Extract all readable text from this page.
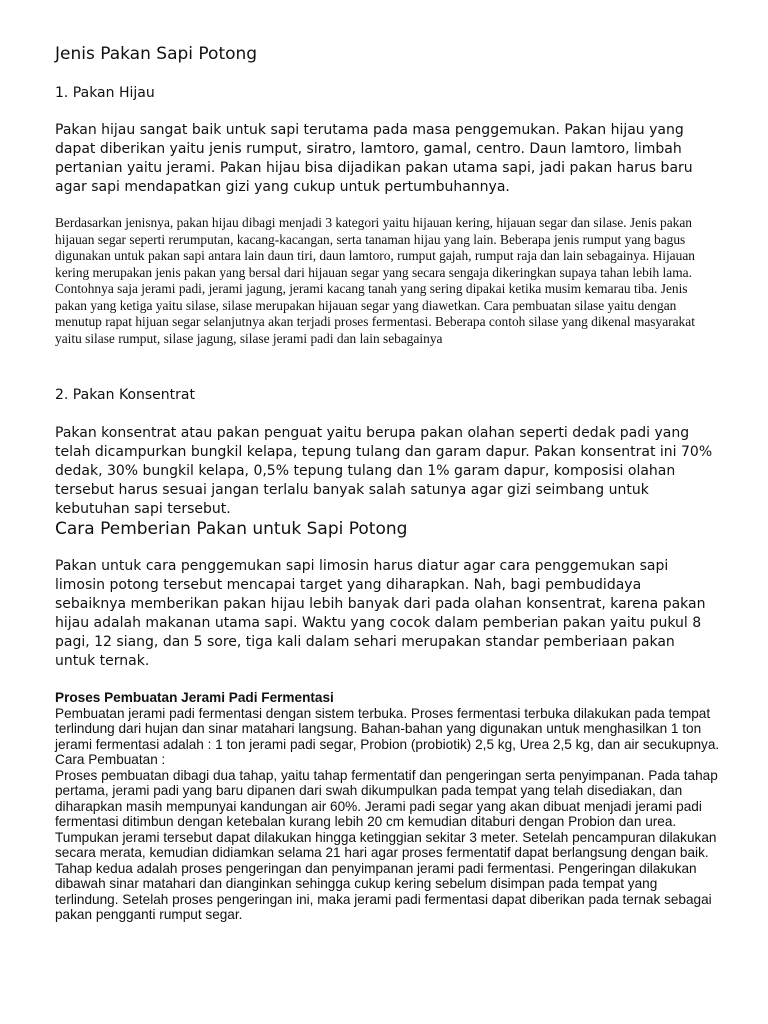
Jenis Pakan Sapi Potong
1. Pakan Hijau

Pakan hijau sangat baik untuk sapi terutama pada masa penggemukan. Pakan hijau yang dapat diberikan yaitu jenis rumput, siratro, lamtoro, gamal, centro. Daun lamtoro, limbah pertanian yaitu jerami. Pakan hijau bisa dijadikan pakan utama sapi, jadi pakan harus baru agar sapi mendapatkan gizi yang cukup untuk pertumbuhannya.

Berdasarkan jenisnya, pakan hijau dibagi menjadi 3 kategori yaitu hijauan kering, hijauan segar dan silase. Jenis pakan hijauan segar seperti rerumputan, kacang-kacangan, serta tanaman hijau yang lain. Beberapa jenis rumput yang bagus digunakan untuk pakan sapi antara lain daun tiri, daun lamtoro, rumput gajah, rumput raja dan lain sebagainya. Hijauan kering merupakan jenis pakan yang bersal dari hijauan segar yang secara sengaja dikeringkan supaya tahan lebih lama. Contohnya saja jerami padi, jerami jagung, jerami kacang tanah yang sering dipakai ketika musim kemarau tiba. Jenis pakan yang ketiga yaitu silase, silase merupakan hijauan segar yang diawetkan. Cara pembuatan silase yaitu dengan menutup rapat hijuan segar selanjutnya akan terjadi proses fermentasi. Beberapa contoh silase yang dikenal masyarakat yaitu silase rumput, silase jagung, silase jerami padi dan lain sebagainya

2. Pakan Konsentrat

Pakan konsentrat atau pakan penguat yaitu berupa pakan olahan seperti dedak padi yang telah dicampurkan bungkil kelapa, tepung tulang dan garam dapur. Pakan konsentrat ini 70% dedak, 30% bungkil kelapa, 0,5% tepung tulang dan 1% garam dapur, komposisi olahan tersebut harus sesuai jangan terlalu banyak salah satunya agar gizi seimbang untuk kebutuhan sapi tersebut.

Cara Pemberian Pakan untuk Sapi Potong

Pakan untuk cara penggemukan sapi limosin harus diatur agar cara penggemukan sapi limosin potong tersebut mencapai target yang diharapkan. Nah, bagi pembudidaya sebaiknya memberikan pakan hijau lebih banyak dari pada olahan konsentrat, karena pakan hijau adalah makanan utama sapi. Waktu yang cocok dalam pemberian pakan yaitu pukul 8 pagi, 12 siang, dan 5 sore, tiga kali dalam sehari merupakan standar pemberiaan pakan untuk ternak.

Proses Pembuatan Jerami Padi Fermentasi
Pembuatan jerami padi fermentasi dengan sistem terbuka. Proses fermentasi terbuka dilakukan pada tempat terlindung dari hujan dan sinar matahari langsung. Bahan-bahan yang digunakan untuk menghasilkan 1 ton jerami fermentasi adalah : 1 ton jerami padi segar, Probion (probiotik) 2,5 kg, Urea 2,5 kg, dan air secukupnya.
Cara Pembuatan :
Proses pembuatan dibagi dua tahap, yaitu tahap fermentatif dan pengeringan serta penyimpanan. Pada tahap pertama, jerami padi yang baru dipanen dari swah dikumpulkan pada tempat yang telah disediakan, dan diharapkan masih mempunyai kandungan air 60%. Jerami padi segar yang akan dibuat menjadi jerami padi fermentasi ditimbun dengan ketebalan kurang lebih 20 cm kemudian ditaburi dengan Probion dan urea. Tumpukan jerami tersebut dapat dilakukan hingga ketinggian sekitar 3 meter. Setelah pencampuran dilakukan secara merata, kemudian didiamkan selama 21 hari agar proses fermentatif dapat berlangsung dengan baik. Tahap kedua adalah proses pengeringan dan penyimpanan jerami padi fermentasi. Pengeringan dilakukan dibawah sinar matahari dan dianginkan sehingga cukup kering sebelum disimpan pada tempat yang terlindung. Setelah proses pengeringan ini, maka jerami padi fermentasi dapat diberikan pada ternak sebagai pakan pengganti rumput segar.
